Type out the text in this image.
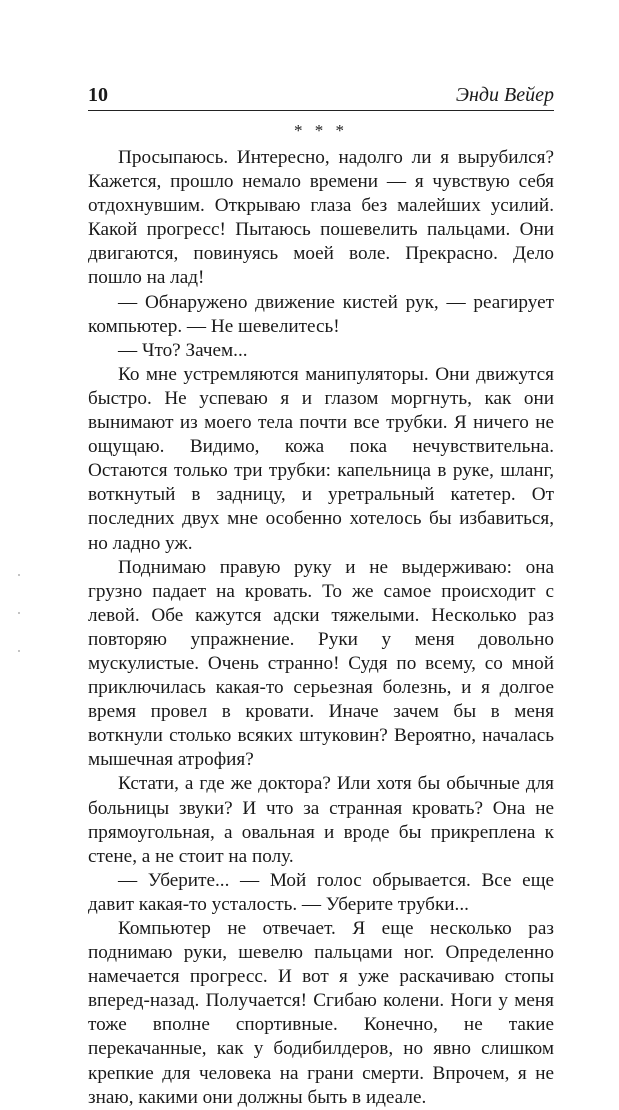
10	Энди Вейер
* * *

Просыпаюсь. Интересно, надолго ли я вырубился? Кажется, прошло немало времени — я чувствую себя отдохнувшим. Открываю глаза без малейших усилий. Какой прогресс! Пытаюсь пошевелить пальцами. Они двигаются, повинуясь моей воле. Прекрасно. Дело пошло на лад!

— Обнаружено движение кистей рук, — реагирует компьютер. — Не шевелитесь!

— Что? Зачем...

Ко мне устремляются манипуляторы. Они движутся быстро. Не успеваю я и глазом моргнуть, как они вынимают из моего тела почти все трубки. Я ничего не ощущаю. Видимо, кожа пока нечувствительна. Остаются только три трубки: капельница в руке, шланг, воткнутый в задницу, и уретральный катетер. От последних двух мне особенно хотелось бы избавиться, но ладно уж.

Поднимаю правую руку и не выдерживаю: она грузно падает на кровать. То же самое происходит с левой. Обе кажутся адски тяжелыми. Несколько раз повторяю упражнение. Руки у меня довольно мускулистые. Очень странно! Судя по всему, со мной приключилась какая-то серьезная болезнь, и я долгое время провел в кровати. Иначе зачем бы в меня воткнули столько всяких штуковин? Вероятно, началась мышечная атрофия?

Кстати, а где же доктора? Или хотя бы обычные для больницы звуки? И что за странная кровать? Она не прямоугольная, а овальная и вроде бы прикреплена к стене, а не стоит на полу.

— Уберите... — Мой голос обрывается. Все еще давит какая-то усталость. — Уберите трубки...

Компьютер не отвечает. Я еще несколько раз поднимаю руки, шевелю пальцами ног. Определенно намечается прогресс. И вот я уже раскачиваю стопы вперед-назад. Получается! Сгибаю колени. Ноги у меня тоже вполне спортивные. Конечно, не такие перекачанные, как у бодибилдеров, но явно слишком крепкие для человека на грани смерти. Впрочем, я не знаю, какими они должны быть в идеале.
